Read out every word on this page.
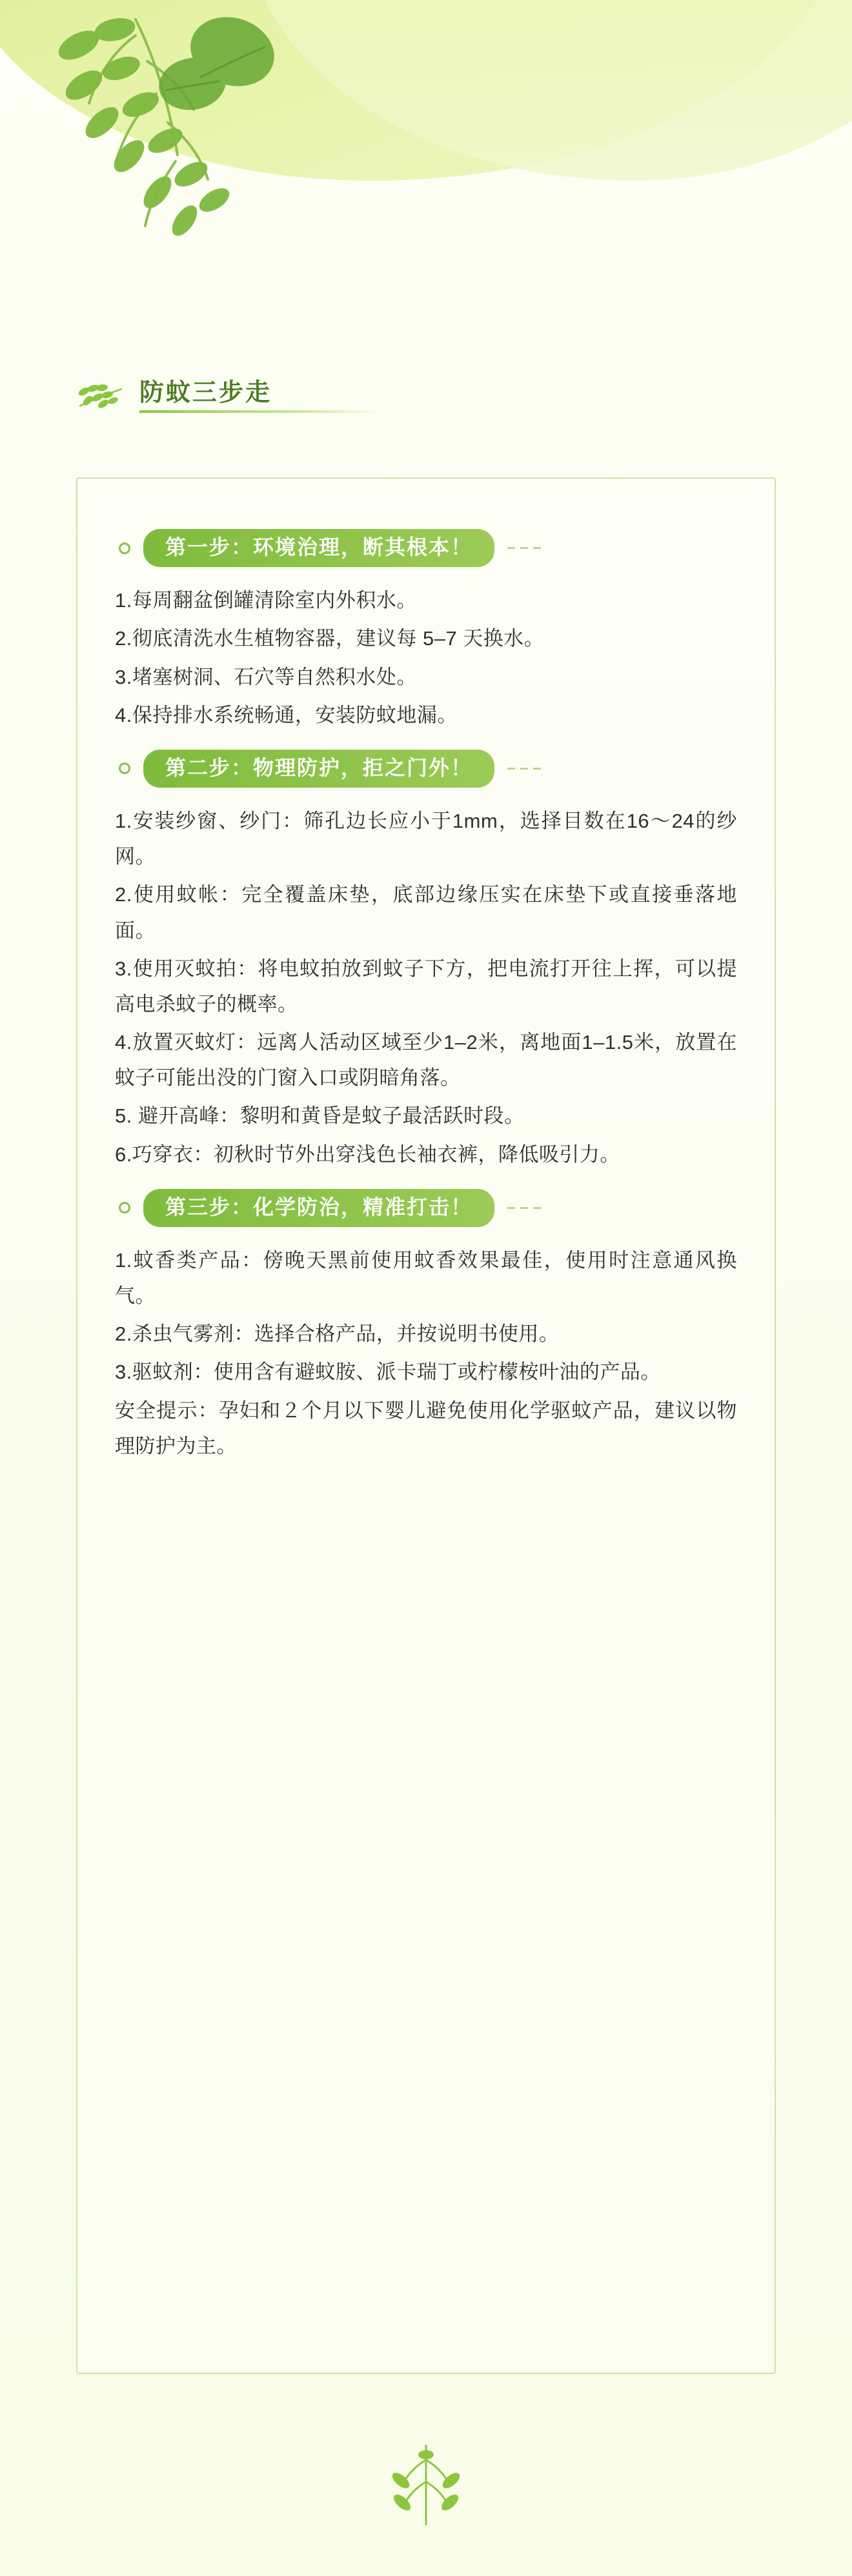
防蚊三步走
第一步：环境治理，断其根本！

1.每周翻盆倒罐清除室内外积水。

2.彻底清洗水生植物容器，建议每 5–7 天换水。

3.堵塞树洞、石穴等自然积水处。

4.保持排水系统畅通，安装防蚊地漏。

第二步：物理防护，拒之门外！

1.安装纱窗、纱门：筛孔边长应小于1mm，选择目数在16～24的纱网。

2.使用蚊帐：完全覆盖床垫，底部边缘压实在床垫下或直接垂落地面。

3.使用灭蚊拍：将电蚊拍放到蚊子下方，把电流打开往上挥，可以提高电杀蚊子的概率。

4.放置灭蚊灯：远离人活动区域至少1–2米，离地面1–1.5米，放置在蚊子可能出没的门窗入口或阴暗角落。

5. 避开高峰：黎明和黄昏是蚊子最活跃时段。

6.巧穿衣：初秋时节外出穿浅色长袖衣裤，降低吸引力。

第三步：化学防治，精准打击！

1.蚊香类产品：傍晚天黑前使用蚊香效果最佳，使用时注意通风换气。

2.杀虫气雾剂：选择合格产品，并按说明书使用。

3.驱蚊剂：使用含有避蚊胺、派卡瑞丁或柠檬桉叶油的产品。

安全提示：孕妇和２个月以下婴儿避免使用化学驱蚊产品，建议以物理防护为主。
